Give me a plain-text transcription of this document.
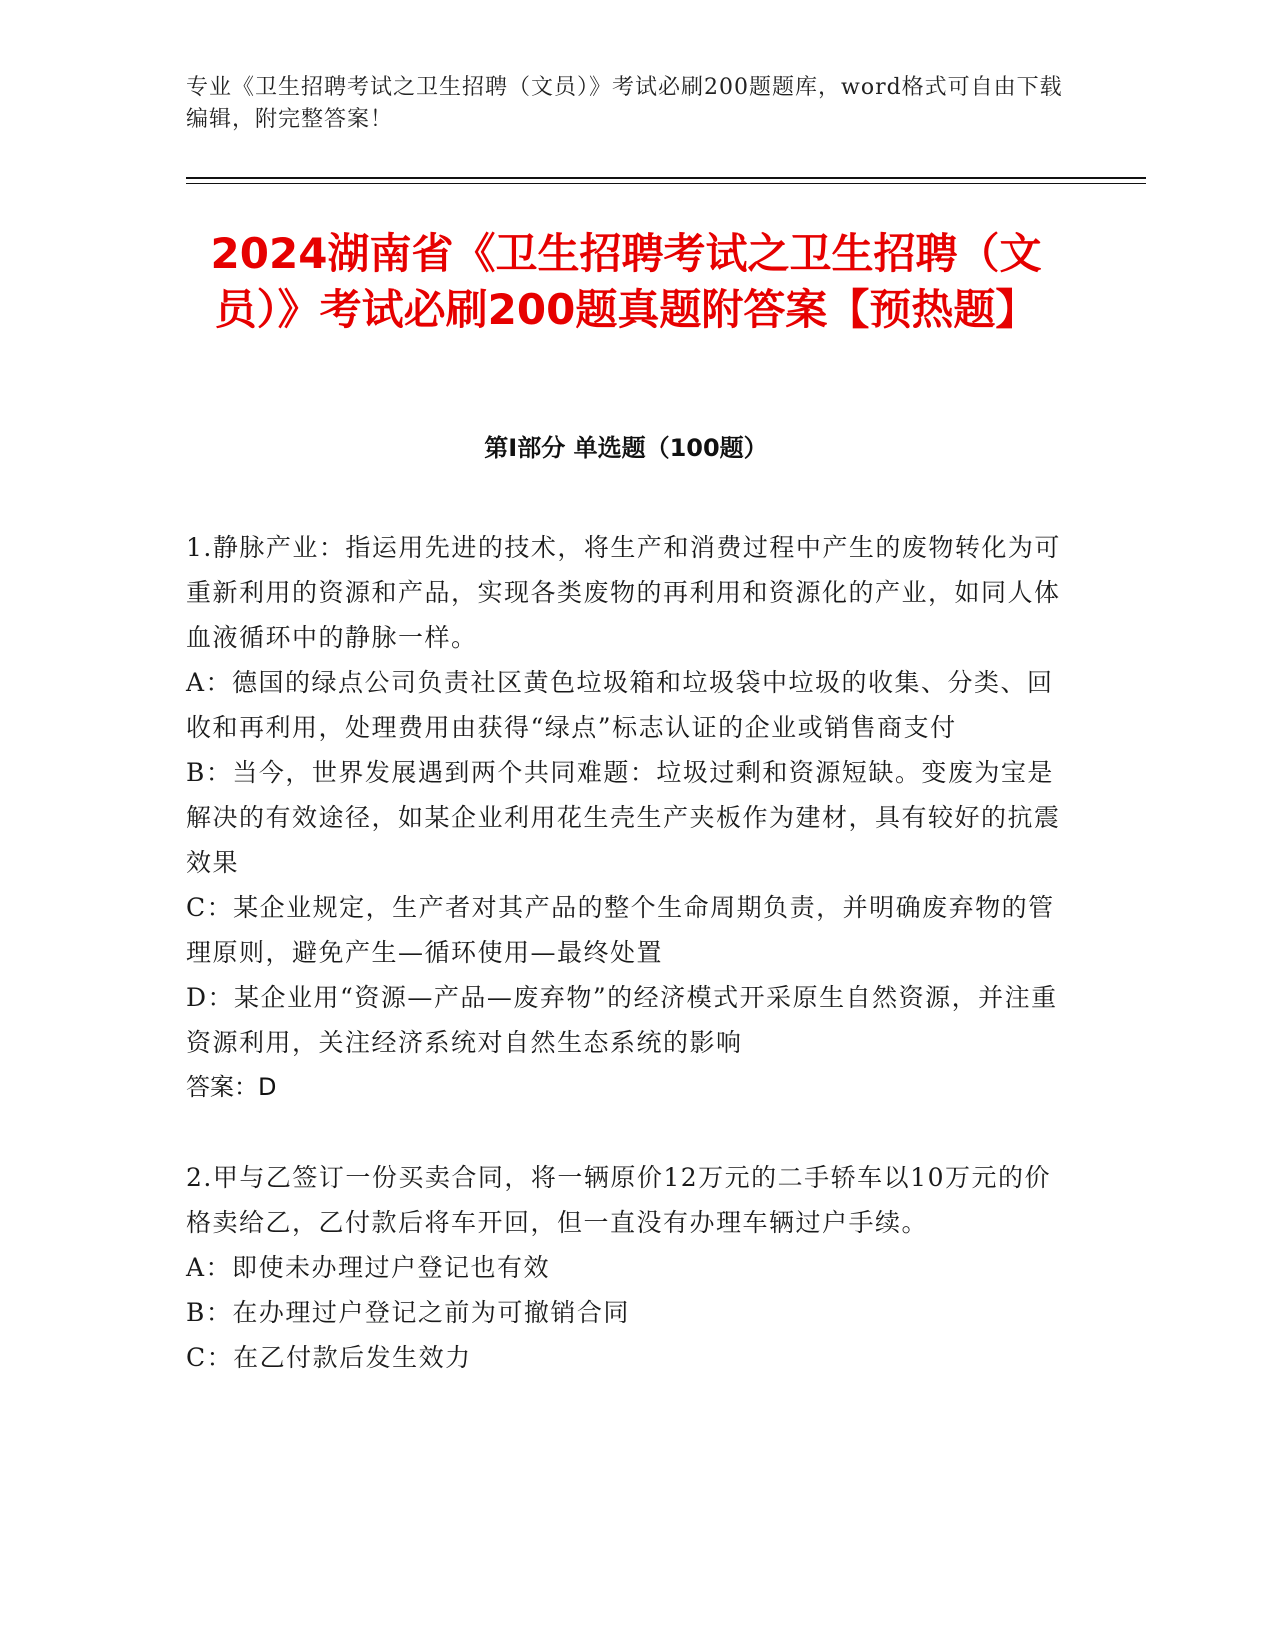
专业《卫生招聘考试之卫生招聘（文员）》考试必刷200题题库，word格式可自由下载编辑，附完整答案！
2024湖南省《卫生招聘考试之卫生招聘（文员）》考试必刷200题真题附答案【预热题】
第I部分 单选题（100题）

1.静脉产业：指运用先进的技术，将生产和消费过程中产生的废物转化为可重新利用的资源和产品，实现各类废物的再利用和资源化的产业，如同人体血液循环中的静脉一样。

A：德国的绿点公司负责社区黄色垃圾箱和垃圾袋中垃圾的收集、分类、回收和再利用，处理费用由获得“绿点”标志认证的企业或销售商支付

B：当今，世界发展遇到两个共同难题：垃圾过剩和资源短缺。变废为宝是解决的有效途径，如某企业利用花生壳生产夹板作为建材，具有较好的抗震效果

C：某企业规定，生产者对其产品的整个生命周期负责，并明确废弃物的管理原则，避免产生—循环使用—最终处置

D：某企业用“资源—产品—废弃物”的经济模式开采原生自然资源，并注重资源利用，关注经济系统对自然生态系统的影响

答案：D

2.甲与乙签订一份买卖合同，将一辆原价12万元的二手轿车以10万元的价格卖给乙，乙付款后将车开回，但一直没有办理车辆过户手续。

A：即使未办理过户登记也有效

B：在办理过户登记之前为可撤销合同

C：在乙付款后发生效力
